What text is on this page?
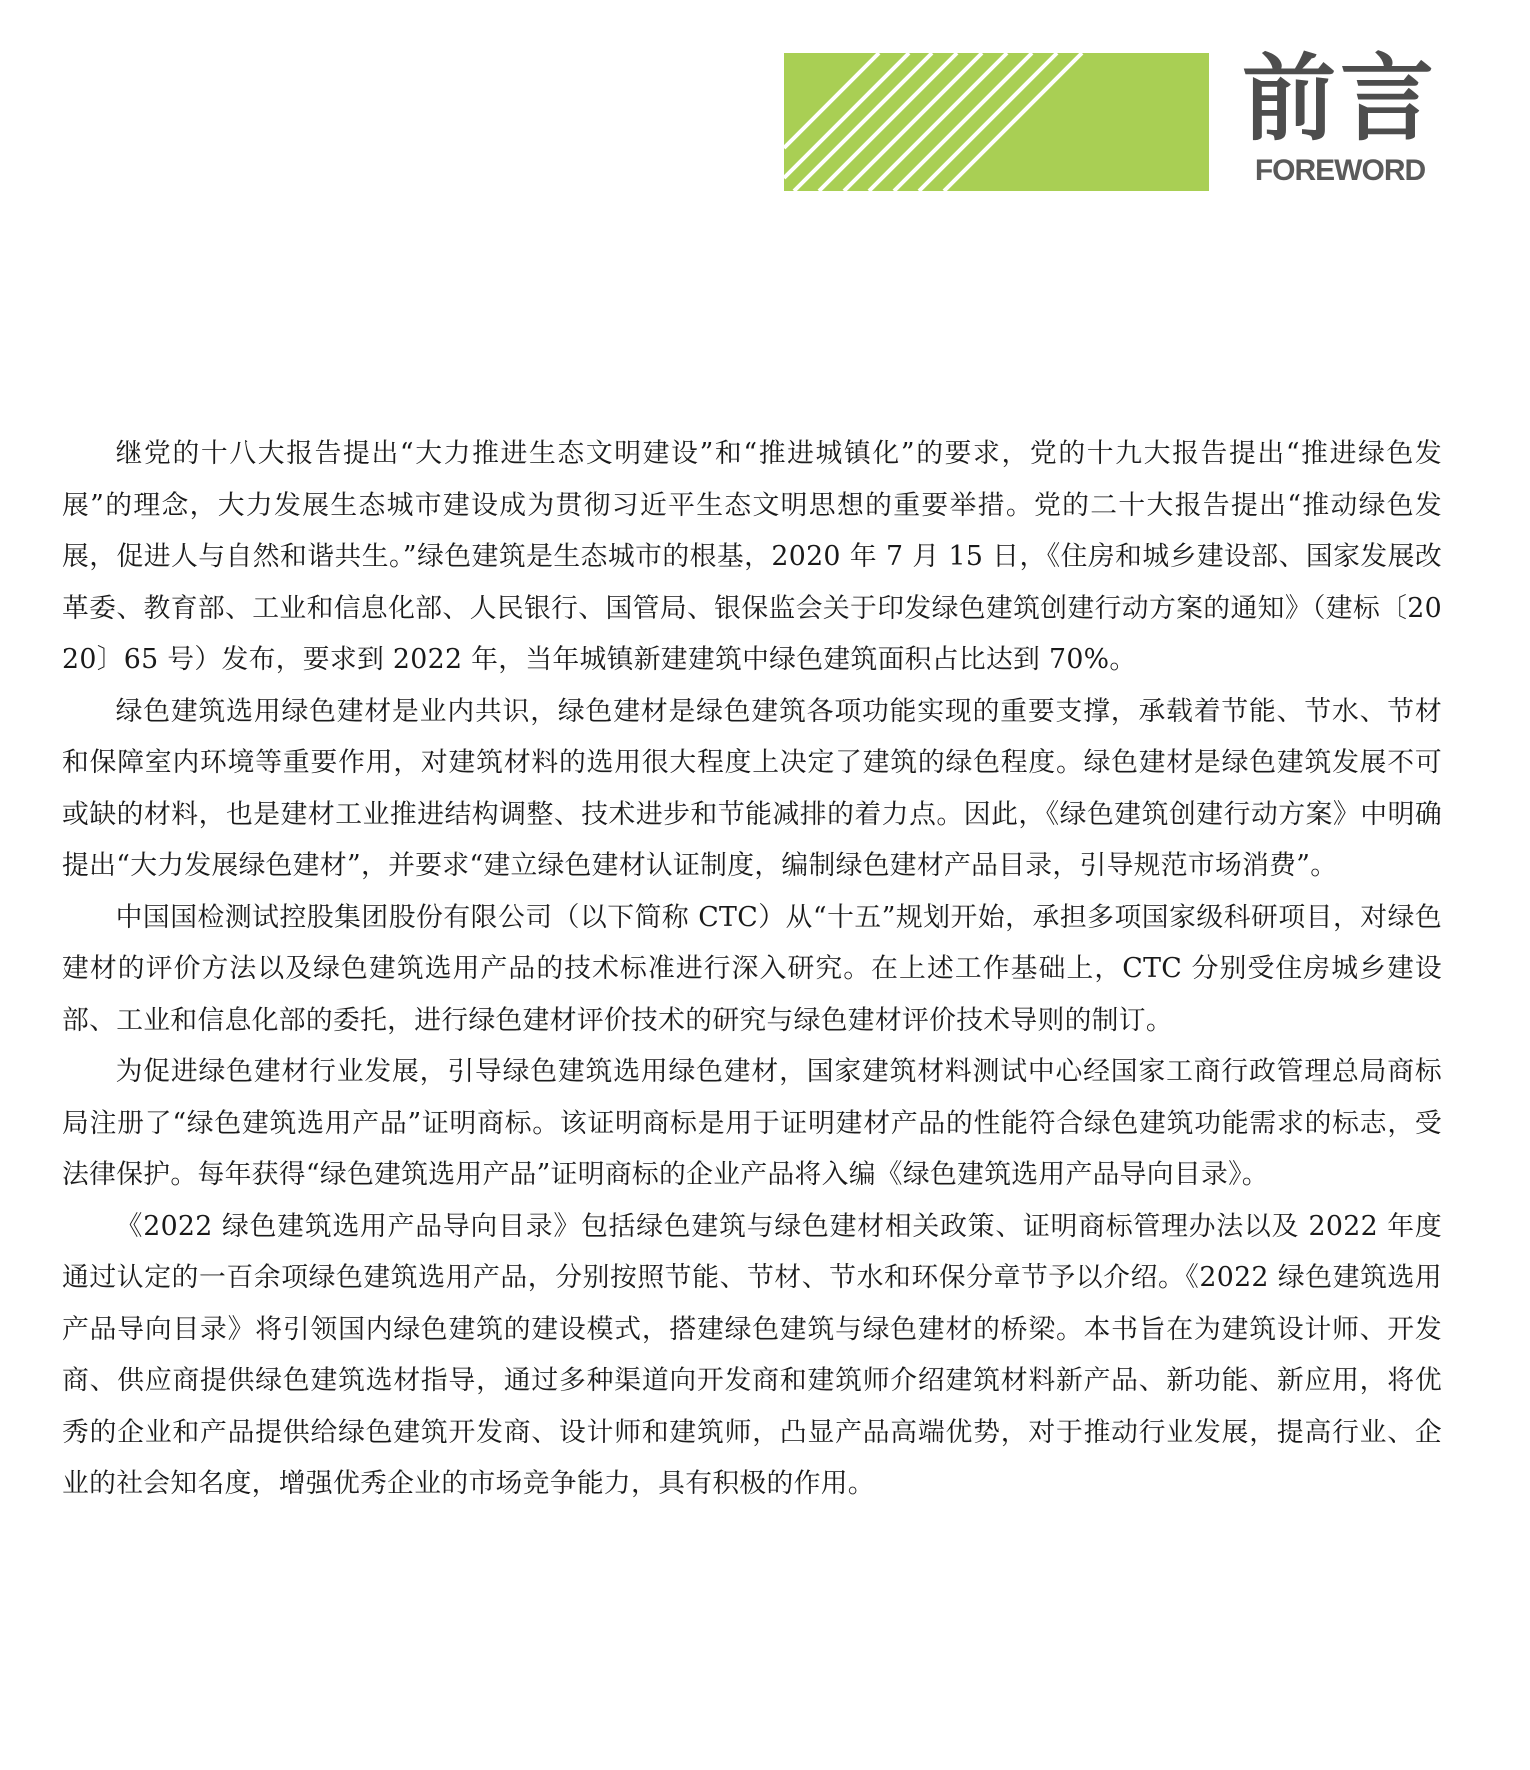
前言
FOREWORD

继党的十八大报告提出“大力推进生态文明建设”和“推进城镇化”的要求，党的十九大报告提出“推进绿色发展”的理念，大力发展生态城市建设成为贯彻习近平生态文明思想的重要举措。党的二十大报告提出“推动绿色发展，促进人与自然和谐共生。”绿色建筑是生态城市的根基，2020 年 7 月 15 日，《住房和城乡建设部、国家发展改革委、教育部、工业和信息化部、人民银行、国管局、银保监会关于印发绿色建筑创建行动方案的通知》（建标〔2020〕65 号）发布，要求到 2022 年，当年城镇新建建筑中绿色建筑面积占比达到 70%。

绿色建筑选用绿色建材是业内共识，绿色建材是绿色建筑各项功能实现的重要支撑，承载着节能、节水、节材和保障室内环境等重要作用，对建筑材料的选用很大程度上决定了建筑的绿色程度。绿色建材是绿色建筑发展不可或缺的材料，也是建材工业推进结构调整、技术进步和节能减排的着力点。因此，《绿色建筑创建行动方案》中明确提出“大力发展绿色建材”，并要求“建立绿色建材认证制度，编制绿色建材产品目录，引导规范市场消费”。

中国国检测试控股集团股份有限公司（以下简称 CTC）从“十五”规划开始，承担多项国家级科研项目，对绿色建材的评价方法以及绿色建筑选用产品的技术标准进行深入研究。在上述工作基础上，CTC 分别受住房城乡建设部、工业和信息化部的委托，进行绿色建材评价技术的研究与绿色建材评价技术导则的制订。

为促进绿色建材行业发展，引导绿色建筑选用绿色建材，国家建筑材料测试中心经国家工商行政管理总局商标局注册了“绿色建筑选用产品”证明商标。该证明商标是用于证明建材产品的性能符合绿色建筑功能需求的标志，受法律保护。每年获得“绿色建筑选用产品”证明商标的企业产品将入编《绿色建筑选用产品导向目录》。

《2022 绿色建筑选用产品导向目录》包括绿色建筑与绿色建材相关政策、证明商标管理办法以及 2022 年度通过认定的一百余项绿色建筑选用产品，分别按照节能、节材、节水和环保分章节予以介绍。《2022 绿色建筑选用产品导向目录》将引领国内绿色建筑的建设模式，搭建绿色建筑与绿色建材的桥梁。本书旨在为建筑设计师、开发商、供应商提供绿色建筑选材指导，通过多种渠道向开发商和建筑师介绍建筑材料新产品、新功能、新应用，将优秀的企业和产品提供给绿色建筑开发商、设计师和建筑师，凸显产品高端优势，对于推动行业发展，提高行业、企业的社会知名度，增强优秀企业的市场竞争能力，具有积极的作用。
